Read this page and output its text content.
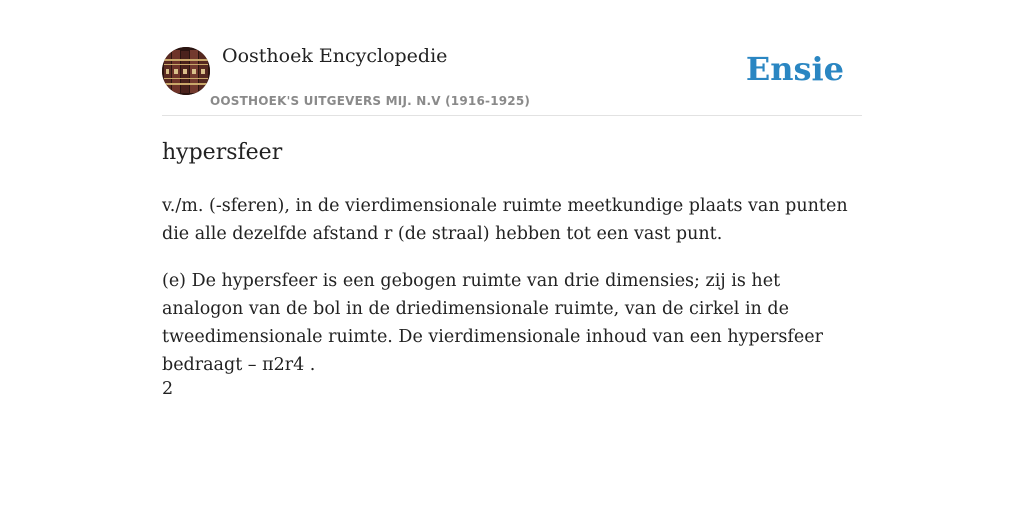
Oosthoek Encyclopedie
OOSTHOEK'S UITGEVERS MIJ. N.V (1916-1925)
Ensie
hypersfeer

v./m. (-sferen), in de vierdimensionale ruimte meetkundige plaats van punten die alle dezelfde afstand r (de straal) hebben tot een vast punt.

(e) De hypersfeer is een gebogen ruimte van drie dimensies; zij is het analogon van de bol in de driedimensionale ruimte, van de cirkel in de tweedimensionale ruimte. De vierdimensionale inhoud van een hypersfeer bedraagt – π2r4 .

2
